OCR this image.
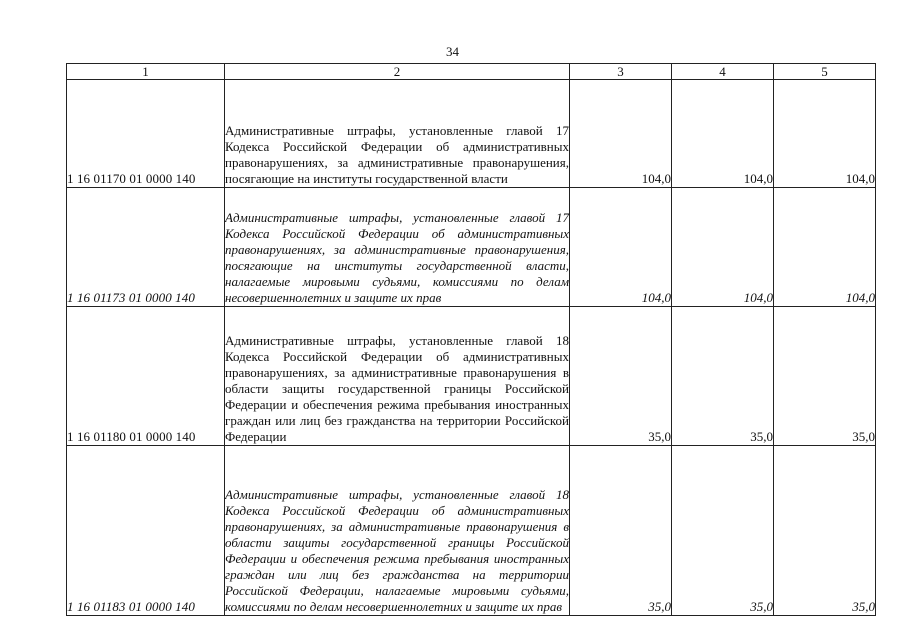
34
1	2	3	4	5
1 16 01170 01 0000 140	Административные штрафы, установленные главой 17 Кодекса Российской Федерации об административных правонарушениях, за административные правонарушения, посягающие на институты государственной власти	104,0	104,0	104,0
1 16 01173 01 0000 140	Административные штрафы, установленные главой 17 Кодекса Российской Федерации об административных правонарушениях, за административные правонарушения, посягающие на институты государственной власти, налагаемые мировыми судьями, комиссиями по делам несовершеннолетних и защите их прав	104,0	104,0	104,0
1 16 01180 01 0000 140	Административные штрафы, установленные главой 18 Кодекса Российской Федерации об административных правонарушениях, за административные правонарушения в области защиты государственной границы Российской Федерации и обеспечения режима пребывания иностранных граждан или лиц без гражданства на территории Российской Федерации	35,0	35,0	35,0
1 16 01183 01 0000 140	Административные штрафы, установленные главой 18 Кодекса Российской Федерации об административных правонарушениях, за административные правонарушения в области защиты государственной границы Российской Федерации и обеспечения режима пребывания иностранных граждан или лиц без гражданства на территории Российской Федерации, налагаемые мировыми судьями, комиссиями по делам несовершеннолетних и защите их прав	35,0	35,0	35,0
